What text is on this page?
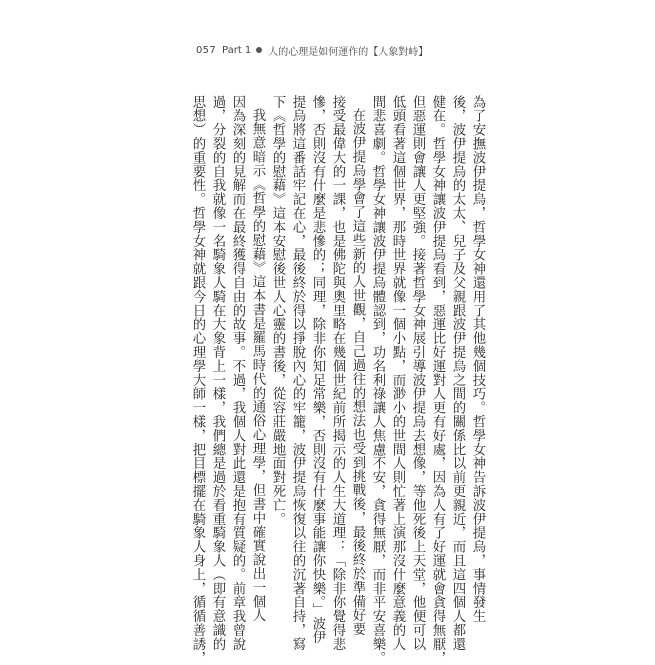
057 Part 1 人的心理是如何運作的【人象對峙】
為了安撫波伊提烏，哲學女神還用了其他幾個技巧。哲學女神告訴波伊提烏，事情發生
後，波伊提烏的太太、兒子及父親跟波伊提烏之間的關係比以前更親近，而且這四個人都還
健在。哲學女神讓波伊提烏看到，惡運比好運對人更有好處，因為人有了好運就會貪得無厭，
但惡運則會讓人更堅強。接著哲學女神展引導波伊提烏去想像，等他死後上天堂，他便可以
低頭看著這個世界，那時世界就像一個小點，而渺小的世間人則忙著上演那沒什麼意義的人
間悲喜劇。哲學女神讓波伊提烏體認到，功名利祿讓人焦慮不安，貪得無厭，而非平安喜樂。
在波伊提烏學會了這些新的人世觀，自己過往的想法也受到挑戰後，最後終於準備好要
接受最偉大的一課，也是佛陀與奧里略在幾個世紀前所揭示的人生大道理：「除非你覺得悲
慘，否則沒有什麼是悲慘的；同理，除非你知足常樂，否則沒有什麼事能讓你快樂。」波伊
提烏將這番話牢記在心，最後終於得以掙脫內心的牢籠，波伊提烏恢復以往的沉著自持，寫
下《哲學的慰藉》這本安慰後世人心靈的書後，從容莊嚴地面對死亡。
我無意暗示《哲學的慰藉》這本書是羅馬時代的通俗心理學，但書中確實說出一個人
因為深刻的見解而在最終獲得自由的故事。不過，我個人對此還是抱有質疑的。前章我曾說
過，分裂的自我就像一名騎象人騎在大象背上一樣，我們總是過於看重騎象人（即有意識的
思想）的重要性。哲學女神就跟今日的心理學大師一樣，把目標擺在騎象人身上，循循善誘，
